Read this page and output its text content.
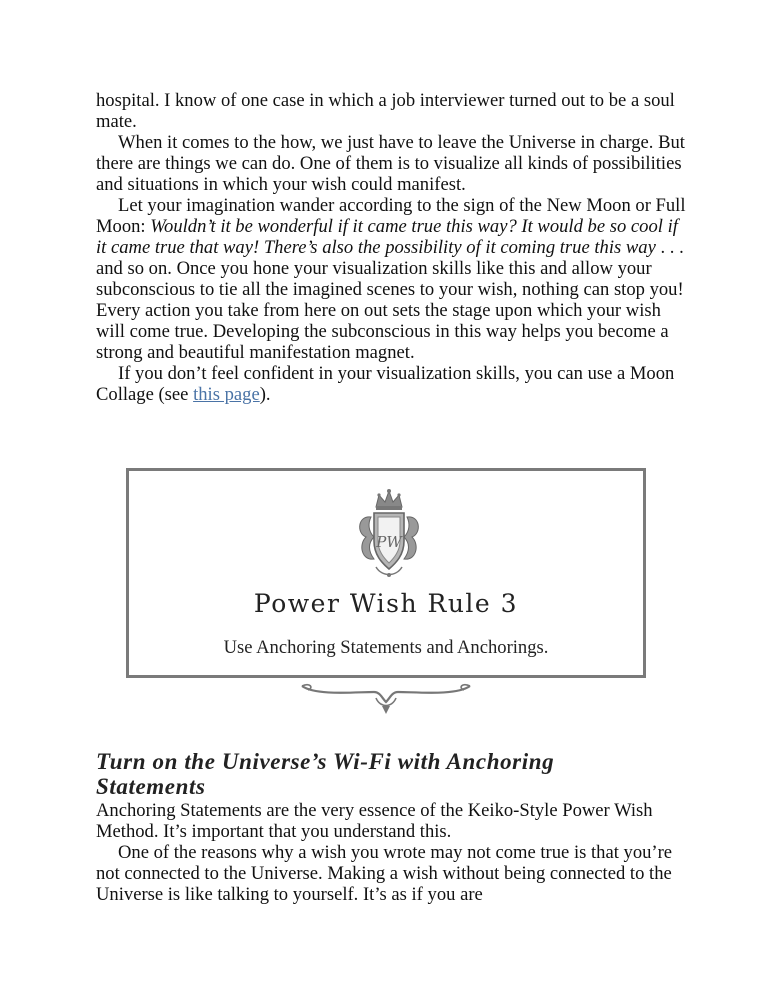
hospital. I know of one case in which a job interviewer turned out to be a soul mate.

When it comes to the how, we just have to leave the Universe in charge. But there are things we can do. One of them is to visualize all kinds of possibilities and situations in which your wish could manifest.

Let your imagination wander according to the sign of the New Moon or Full Moon: Wouldn’t it be wonderful if it came true this way? It would be so cool if it came true that way! There’s also the possibility of it coming true this way . . . and so on. Once you hone your visualization skills like this and allow your subconscious to tie all the imagined scenes to your wish, nothing can stop you! Every action you take from here on out sets the stage upon which your wish will come true. Developing the subconscious in this way helps you become a strong and beautiful manifestation magnet.

If you don’t feel confident in your visualization skills, you can use a Moon Collage (see this page).

PW
Power Wish Rule 3
Use Anchoring Statements and Anchorings.
Turn on the Universe’s Wi-Fi with Anchoring Statements

Anchoring Statements are the very essence of the Keiko-Style Power Wish Method. It’s important that you understand this.

One of the reasons why a wish you wrote may not come true is that you’re not connected to the Universe. Making a wish without being connected to the Universe is like talking to yourself. It’s as if you are
